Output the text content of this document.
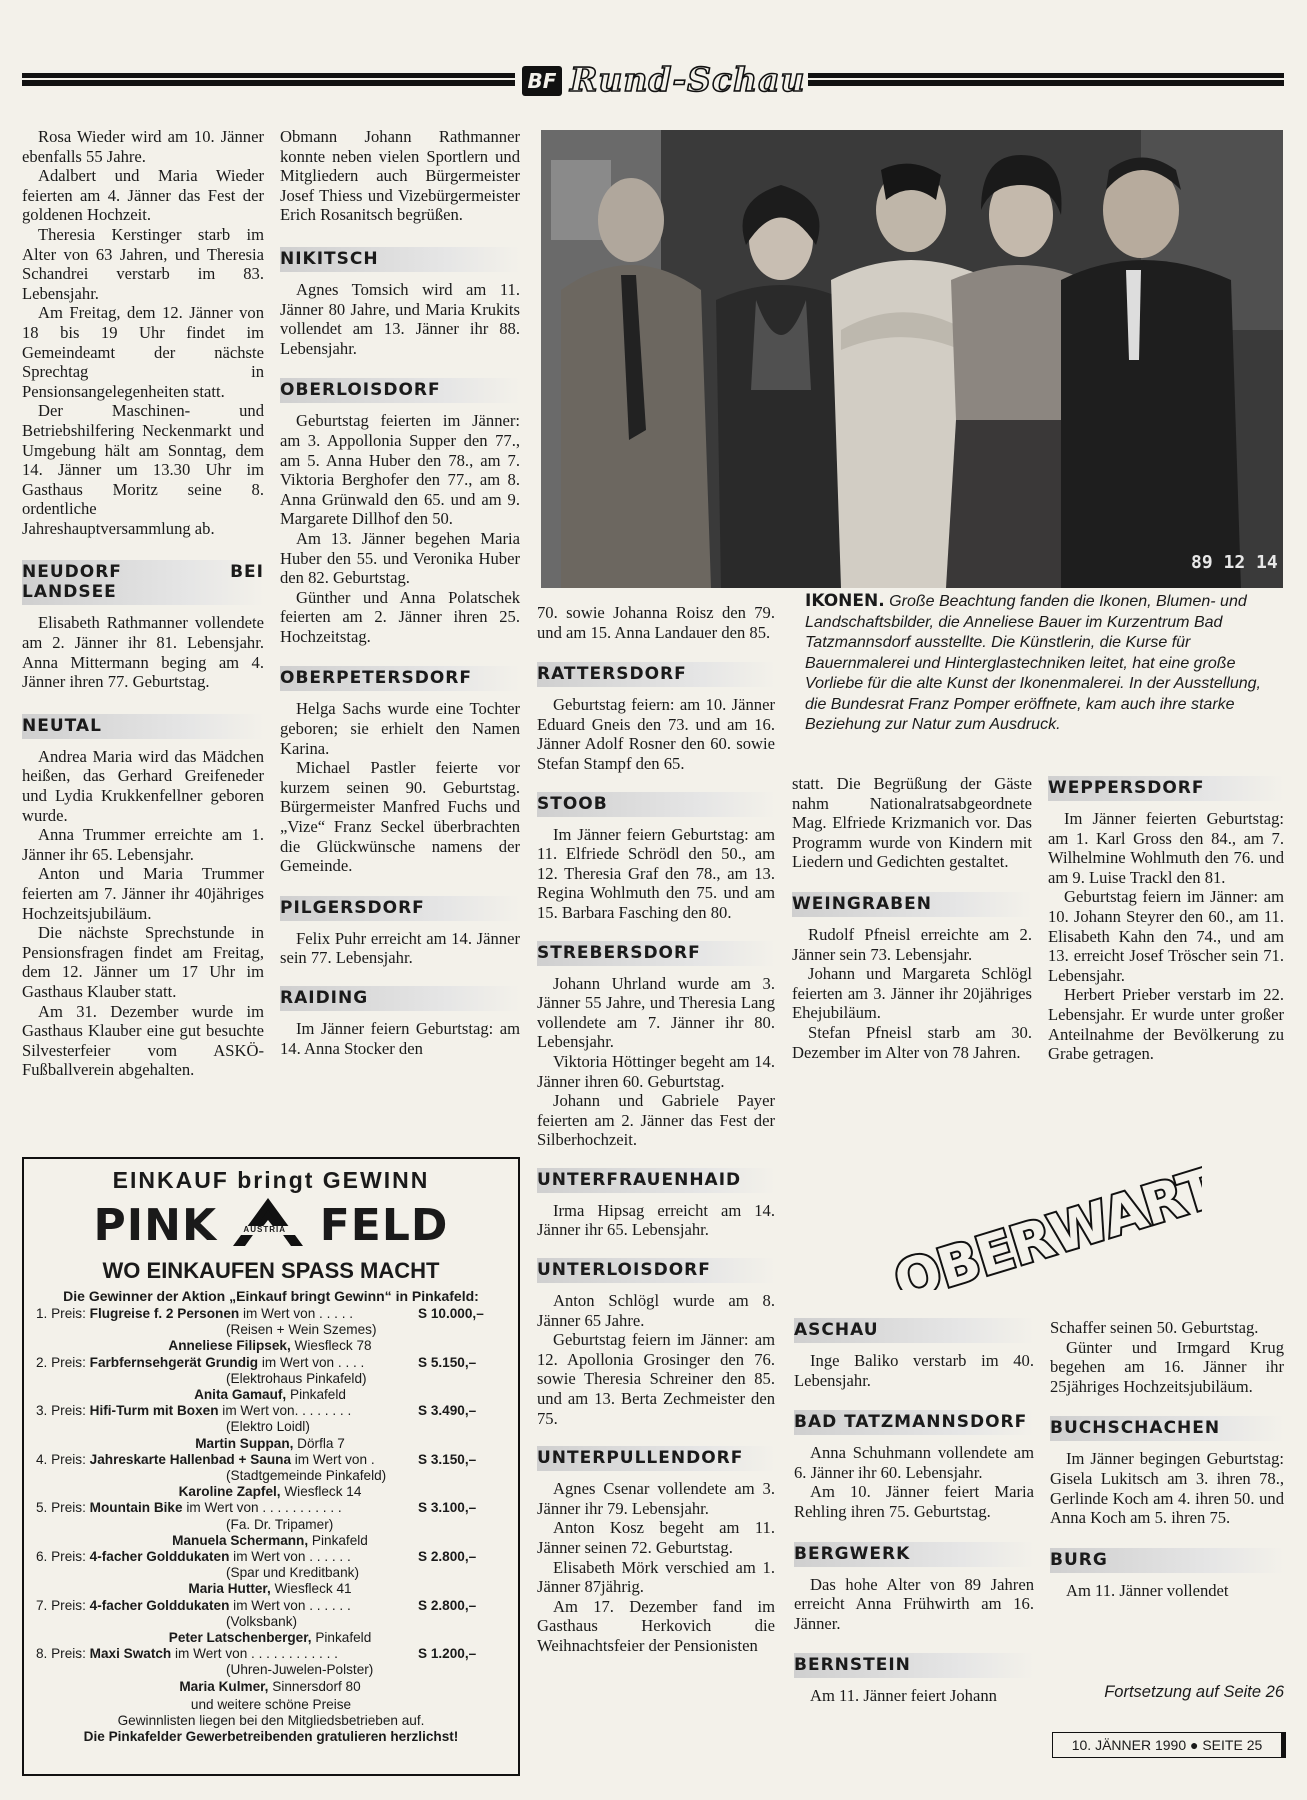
BF Rund-Schau

Rosa Wieder wird am 10. Jänner ebenfalls 55 Jahre.

Adalbert und Maria Wieder feierten am 4. Jänner das Fest der goldenen Hochzeit.

Theresia Kerstinger starb im Alter von 63 Jahren, und Theresia Schandrei verstarb im 83. Lebensjahr.

Am Freitag, dem 12. Jänner von 18 bis 19 Uhr findet im Gemeindeamt der nächste Sprechtag in Pensionsangelegenheiten statt.

Der Maschinen- und Betriebshilfering Neckenmarkt und Umgebung hält am Sonntag, dem 14. Jänner um 13.30 Uhr im Gasthaus Moritz seine 8. ordentliche Jahreshauptversammlung ab.

NEUDORF BEI LANDSEE

Elisabeth Rathmanner vollendete am 2. Jänner ihr 81. Lebensjahr. Anna Mittermann beging am 4. Jänner ihren 77. Geburtstag.

NEUTAL

Andrea Maria wird das Mädchen heißen, das Gerhard Greifeneder und Lydia Krukkenfellner geboren wurde.

Anna Trummer erreichte am 1. Jänner ihr 65. Lebensjahr.

Anton und Maria Trummer feierten am 7. Jänner ihr 40jähriges Hochzeitsjubiläum.

Die nächste Sprechstunde in Pensionsfragen findet am Freitag, dem 12. Jänner um 17 Uhr im Gasthaus Klauber statt.

Am 31. Dezember wurde im Gasthaus Klauber eine gut besuchte Silvesterfeier vom ASKÖ-Fußballverein abgehalten.

Obmann Johann Rathmanner konnte neben vielen Sportlern und Mitgliedern auch Bürgermeister Josef Thiess und Vizebürgermeister Erich Rosanitsch begrüßen.

NIKITSCH

Agnes Tomsich wird am 11. Jänner 80 Jahre, und Maria Krukits vollendet am 13. Jänner ihr 88. Lebensjahr.

OBERLOISDORF

Geburtstag feierten im Jänner: am 3. Appollonia Supper den 77., am 5. Anna Huber den 78., am 7. Viktoria Berghofer den 77., am 8. Anna Grünwald den 65. und am 9. Margarete Dillhof den 50.

Am 13. Jänner begehen Maria Huber den 55. und Veronika Huber den 82. Geburtstag.

Günther und Anna Polatschek feierten am 2. Jänner ihren 25. Hochzeitstag.

OBERPETERSDORF

Helga Sachs wurde eine Tochter geboren; sie erhielt den Namen Karina.

Michael Pastler feierte vor kurzem seinen 90. Geburtstag. Bürgermeister Manfred Fuchs und „Vize“ Franz Seckel überbrachten die Glückwünsche namens der Gemeinde.

PILGERSDORF

Felix Puhr erreicht am 14. Jänner sein 77. Lebensjahr.

RAIDING

Im Jänner feiern Geburtstag: am 14. Anna Stocker den

89 12 14

70. sowie Johanna Roisz den 79. und am 15. Anna Landauer den 85.

RATTERSDORF

Geburtstag feiern: am 10. Jänner Eduard Gneis den 73. und am 16. Jänner Adolf Rosner den 60. sowie Stefan Stampf den 65.

STOOB

Im Jänner feiern Geburtstag: am 11. Elfriede Schrödl den 50., am 12. Theresia Graf den 78., am 13. Regina Wohlmuth den 75. und am 15. Barbara Fasching den 80.

STREBERSDORF

Johann Uhrland wurde am 3. Jänner 55 Jahre, und Theresia Lang vollendete am 7. Jänner ihr 80. Lebensjahr.

Viktoria Höttinger begeht am 14. Jänner ihren 60. Geburtstag.

Johann und Gabriele Payer feierten am 2. Jänner das Fest der Silberhochzeit.

UNTERFRAUENHAID

Irma Hipsag erreicht am 14. Jänner ihr 65. Lebensjahr.

UNTERLOISDORF

Anton Schlögl wurde am 8. Jänner 65 Jahre.

Geburtstag feiern im Jänner: am 12. Apollonia Grosinger den 76. sowie Theresia Schreiner den 85. und am 13. Berta Zechmeister den 75.

UNTERPULLENDORF

Agnes Csenar vollendete am 3. Jänner ihr 79. Lebensjahr.

Anton Kosz begeht am 11. Jänner seinen 72. Geburtstag.

Elisabeth Mörk verschied am 1. Jänner 87jährig.

Am 17. Dezember fand im Gasthaus Herkovich die Weihnachtsfeier der Pensionisten

IKONEN. Große Beachtung fanden die Ikonen, Blumen- und Landschaftsbilder, die Anneliese Bauer im Kurzentrum Bad Tatzmannsdorf ausstellte. Die Künstlerin, die Kurse für Bauernmalerei und Hinterglastechniken leitet, hat eine große Vorliebe für die alte Kunst der Ikonenmalerei. In der Ausstellung, die Bundesrat Franz Pomper eröffnete, kam auch ihre starke Beziehung zur Natur zum Ausdruck.

statt. Die Begrüßung der Gäste nahm Nationalratsabgeordnete Mag. Elfriede Krizmanich vor. Das Programm wurde von Kindern mit Liedern und Gedichten gestaltet.

WEINGRABEN

Rudolf Pfneisl erreichte am 2. Jänner sein 73. Lebensjahr.

Johann und Margareta Schlögl feierten am 3. Jänner ihr 20jähriges Ehejubiläum.

Stefan Pfneisl starb am 30. Dezember im Alter von 78 Jahren.

WEPPERSDORF

Im Jänner feierten Geburtstag: am 1. Karl Gross den 84., am 7. Wilhelmine Wohlmuth den 76. und am 9. Luise Trackl den 81.

Geburtstag feiern im Jänner: am 10. Johann Steyrer den 60., am 11. Elisabeth Kahn den 74., und am 13. erreicht Josef Tröscher sein 71. Lebensjahr.

Herbert Prieber verstarb im 22. Lebensjahr. Er wurde unter großer Anteilnahme der Bevölkerung zu Grabe getragen.

OBERWART
ASCHAU

Inge Baliko verstarb im 40. Lebensjahr.

BAD TATZMANNSDORF

Anna Schuhmann vollendete am 6. Jänner ihr 60. Lebensjahr.

Am 10. Jänner feiert Maria Rehling ihren 75. Geburtstag.

BERGWERK

Das hohe Alter von 89 Jahren erreicht Anna Frühwirth am 16. Jänner.

BERNSTEIN

Am 11. Jänner feiert Johann

Schaffer seinen 50. Geburtstag.

Günter und Irmgard Krug begehen am 16. Jänner ihr 25jähriges Hochzeitsjubiläum.

BUCHSCHACHEN

Im Jänner begingen Geburtstag: Gisela Lukitsch am 3. ihren 78., Gerlinde Koch am 4. ihren 50. und Anna Koch am 5. ihren 75.

BURG

Am 11. Jänner vollendet

Fortsetzung auf Seite 26
10. JÄNNER 1990 ● SEITE 25
EINKAUF bringt GEWINN
PINK	AUSTRIA FELD
WO EINKAUFEN SPASS MACHT
Die Gewinner der Aktion „Einkauf bringt Gewinn“ in Pinkafeld:
1. Preis: Flugreise f. 2 Personen im Wert von . . . . .	S 10.000,–
(Reisen + Wein Szemes)
Anneliese Filipsek, Wiesfleck 78
2. Preis: Farbfernsehgerät Grundig im Wert von . . . .	S 5.150,–
(Elektrohaus Pinkafeld)
Anita Gamauf, Pinkafeld
3. Preis: Hifi-Turm mit Boxen im Wert von. . . . . . . .	S 3.490,–
(Elektro Loidl)
Martin Suppan, Dörfla 7
4. Preis: Jahreskarte Hallenbad + Sauna im Wert von .	S 3.150,–
(Stadtgemeinde Pinkafeld)
Karoline Zapfel, Wiesfleck 14
5. Preis: Mountain Bike im Wert von . . . . . . . . . . .	S 3.100,–
(Fa. Dr. Tripamer)
Manuela Schermann, Pinkafeld
6. Preis: 4-facher Golddukaten im Wert von . . . . . .	S 2.800,–
(Spar und Kreditbank)
Maria Hutter, Wiesfleck 41
7. Preis: 4-facher Golddukaten im Wert von . . . . . .	S 2.800,–
(Volksbank)
Peter Latschenberger, Pinkafeld
8. Preis: Maxi Swatch im Wert von . . . . . . . . . . . .	S 1.200,–
(Uhren-Juwelen-Polster)
Maria Kulmer, Sinnersdorf 80
und weitere schöne Preise
Gewinnlisten liegen bei den Mitgliedsbetrieben auf.
Die Pinkafelder Gewerbetreibenden gratulieren herzlichst!
